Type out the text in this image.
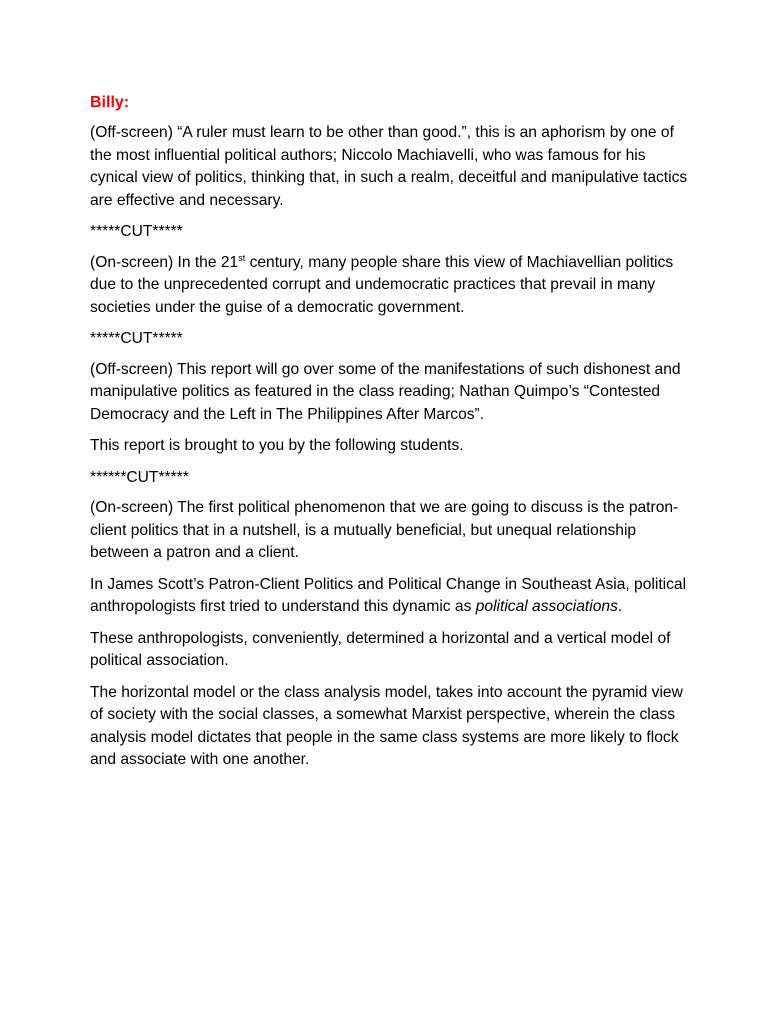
Billy:

(Off-screen) “A ruler must learn to be other than good.”, this is an aphorism by one of the most influential political authors; Niccolo Machiavelli, who was famous for his cynical view of politics, thinking that, in such a realm, deceitful and manipulative tactics are effective and necessary.

*****CUT*****

(On-screen) In the 21st century, many people share this view of Machiavellian politics due to the unprecedented corrupt and undemocratic practices that prevail in many societies under the guise of a democratic government.

*****CUT*****

(Off-screen) This report will go over some of the manifestations of such dishonest and manipulative politics as featured in the class reading; Nathan Quimpo’s “Contested Democracy and the Left in The Philippines After Marcos”.

This report is brought to you by the following students.

******CUT*****

(On-screen) The first political phenomenon that we are going to discuss is the patron-client politics that in a nutshell, is a mutually beneficial, but unequal relationship between a patron and a client.

In James Scott’s Patron-Client Politics and Political Change in Southeast Asia, political anthropologists first tried to understand this dynamic as political associations.

These anthropologists, conveniently, determined a horizontal and a vertical model of political association.

The horizontal model or the class analysis model, takes into account the pyramid view of society with the social classes, a somewhat Marxist perspective, wherein the class analysis model dictates that people in the same class systems are more likely to flock and associate with one another.
